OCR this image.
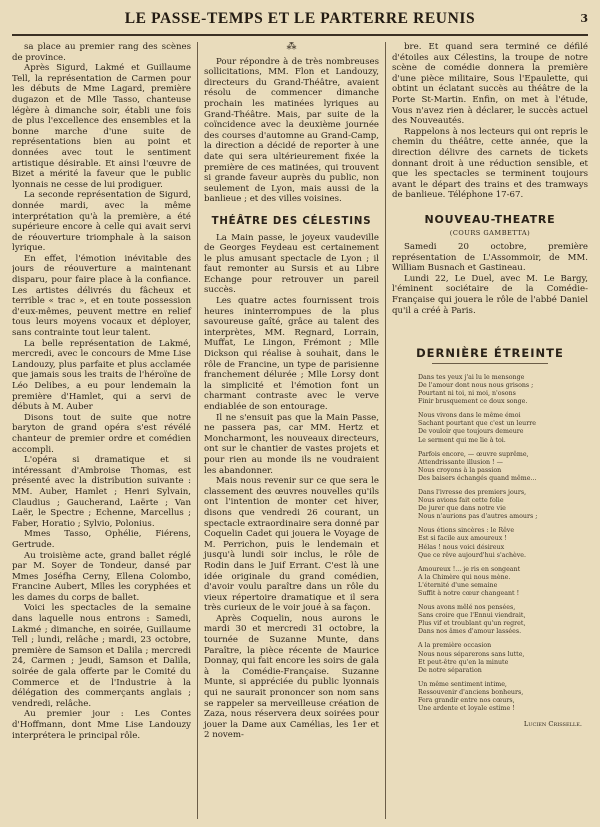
LE PASSE-TEMPS ET LE PARTERRE REUNIS	3

sa place au premier rang des scènes de province.

Après Sigurd, Lakmé et Guillaume Tell, la représentation de Carmen pour les débuts de Mme Lagard, première dugazon et de Mlle Tasso, chanteuse légère à dimanche soir, établi une fois de plus l'excellence des ensembles et la bonne marche d'une suite de représentations bien au point et données avec tout le sentiment artistique désirable. Et ainsi l'œuvre de Bizet a mérité la faveur que le public lyonnais ne cesse de lui prodiguer.

La seconde représentation de Sigurd, donnée mardi, avec la même interprétation qu'à la première, a été supérieure encore à celle qui avait servi de réouverture triomphale à la saison lyrique.

En effet, l'émotion inévitable des jours de réouverture a maintenant disparu, pour faire place à la confiance. Les artistes délivrés du fâcheux et terrible « trac », et en toute possession d'eux-mêmes, peuvent mettre en relief tous leurs moyens vocaux et déployer, sans contrainte tout leur talent.

La belle représentation de Lakmé, mercredi, avec le concours de Mme Lise Landouzy, plus parfaite et plus acclamée que jamais sous les traits de l'héroïne de Léo Delibes, a eu pour lendemain la première d'Hamlet, qui a servi de débuts à M. Auber

Disons tout de suite que notre baryton de grand opéra s'est révélé chanteur de premier ordre et comédien accompli.

L'opéra si dramatique et si intéressant d'Ambroise Thomas, est présenté avec la distribution suivante : MM. Auber, Hamlet ; Henri Sylvain, Claudius ; Gaucherand, Laërte ; Van Laër, le Spectre ; Echenne, Marcellus ; Faber, Horatio ; Sylvio, Polonius.

Mmes Tasso, Ophélie, Fiérens, Gertrude.

Au troisième acte, grand ballet réglé par M. Soyer de Tondeur, dansé par Mmes Joséfha Cerny, Ellena Colombo, Francine Aubert, Mlles les coryphées et les dames du corps de ballet.

Voici les spectacles de la semaine dans laquelle nous entrons : Samedi, Lakmé ; dimanche, en soirée, Guillaume Tell ; lundi, relâche ; mardi, 23 octobre, première de Samson et Dalila ; mercredi 24, Carmen ; jeudi, Samson et Dalila, soirée de gala offerte par le Comité du Commerce et de l'Industrie à la délégation des commerçants anglais ; vendredi, relâche.

Au premier jour : Les Contes d'Hoffmann, dont Mme Lise Landouzy interprétera le principal rôle.

⁂

Pour répondre à de très nombreuses sollicitations, MM. Flon et Landouzy, directeurs du Grand-Théâtre, avaient résolu de commencer dimanche prochain les matinées lyriques au Grand-Théâtre. Mais, par suite de la coïncidence avec la deuxième journée des courses d'automne au Grand-Camp, la direction a décidé de reporter à une date qui sera ultérieurement fixée la première de ces matinées, qui trouvent si grande faveur auprès du public, non seulement de Lyon, mais aussi de la banlieue ; et des villes voisines.

THÉÂTRE DES CÉLESTINS

La Main passe, le joyeux vaudeville de Georges Feydeau est certainement le plus amusant spectacle de Lyon ; il faut remonter au Sursis et au Libre Echange pour retrouver un pareil succès.

Les quatre actes fournissent trois heures ininterrompues de la plus savoureuse gaîté, grâce au talent des interprètes, MM. Regnard, Lorrain, Muffat, Le Lingon, Frémont ; Mlle Dickson qui réalise à souhait, dans le rôle de Francine, un type de parisienne franchement délurée ; Mlle Lorsy dont la simplicité et l'émotion font un charmant contraste avec le verve endiablée de son entourage.

Il ne s'ensuit pas que la Main Passe, ne passera pas, car MM. Hertz et Moncharmont, les nouveaux directeurs, ont sur le chantier de vastes projets et pour rien au monde ils ne voudraient les abandonner.

Mais nous revenir sur ce que sera le classement des œuvres nouvelles qu'ils ont l'intention de monter cet hiver, disons que vendredi 26 courant, un spectacle extraordinaire sera donné par Coquelin Cadet qui jouera le Voyage de M. Perrichon, puis le lendemain et jusqu'à lundi soir inclus, le rôle de Rodin dans le Juif Errant. C'est là une idée originale du grand comédien, d'avoir voulu paraître dans un rôle du vieux répertoire dramatique et il sera très curieux de le voir joué à sa façon.

Après Coquelin, nous aurons le mardi 30 et mercredi 31 octobre, la tournée de Suzanne Munte, dans Paraître, la pièce récente de Maurice Donnay, qui fait encore les soirs de gala à la Comédie-Française. Suzanne Munte, si appréciée du public lyonnais qui ne saurait prononcer son nom sans se rappeler sa merveilleuse création de Zaza, nous réservera deux soirées pour jouer la Dame aux Camélias, les 1er et 2 novem-

bre. Et quand sera terminé ce défilé d'étoiles aux Célestins, la troupe de notre scène de comédie donnera la première d'une pièce militaire, Sous l'Epaulette, qui obtint un éclatant succès au théâtre de la Porte St-Martin. Enfin, on met à l'étude, Vous n'avez rien à déclarer, le succès actuel des Nouveautés.

Rappelons à nos lecteurs qui ont repris le chemin du théâtre, cette année, que la direction délivre des carnets de tickets donnant droit à une réduction sensible, et que les spectacles se terminent toujours avant le départ des trains et des tramways de banlieue. Téléphone 17-67.

NOUVEAU-THEATRE
(COURS GAMBETTA)

Samedi 20 octobre, première représentation de L'Assommoir, de MM. William Busnach et Gastineau.

Lundi 22, Le Duel, avec M. Le Bargy, l'éminent sociétaire de la Comédie-Française qui jouera le rôle de l'abbé Daniel qu'il a créé à Paris.

DERNIÈRE ÉTREINTE
Dans tes yeux j'ai lu le mensonge
De l'amour dont nous nous grisons ;
Pourtant ni toi, ni moi, n'osons
Finir brusquement ce doux songe.
Nous vivons dans le même émoi
Sachant pourtant que c'est un leurre
De vouloir que toujours demeure
Le serment qui me lie à toi.
Parfois encore, — œuvre suprême,
Attendrissante illusion ! —
Nous croyons à la passion
Des baisers échangés quand même...
Dans l'ivresse des premiers jours,
Nous avions fait cette folie
De jurer que dans notre vie
Nous n'aurions pas d'autres amours ;
Nous étions sincères : le Rêve
Est si facile aux amoureux !
Hélas ! nous voici désireux
Que ce rêve aujourd'hui s'achève.
Amoureux !... je ris en songeant
A la Chimère qui nous mène.
L'éternité d'une semaine
Suffit à notre cœur changeant !
Nous avons mêlé nos pensées,
Sans croire que l'Ennui viendrait,
Plus vif et troublant qu'un regret,
Dans nos âmes d'amour lassées.
A la première occasion
Nous nous séparerons sans lutte,
Et peut-être qu'en la minute
De notre séparation
Un même sentiment intime,
Ressouvenir d'anciens bonheurs,
Fera grandir entre nos cœurs,
Une ardente et loyale estime !
Lucien Crisselle.
